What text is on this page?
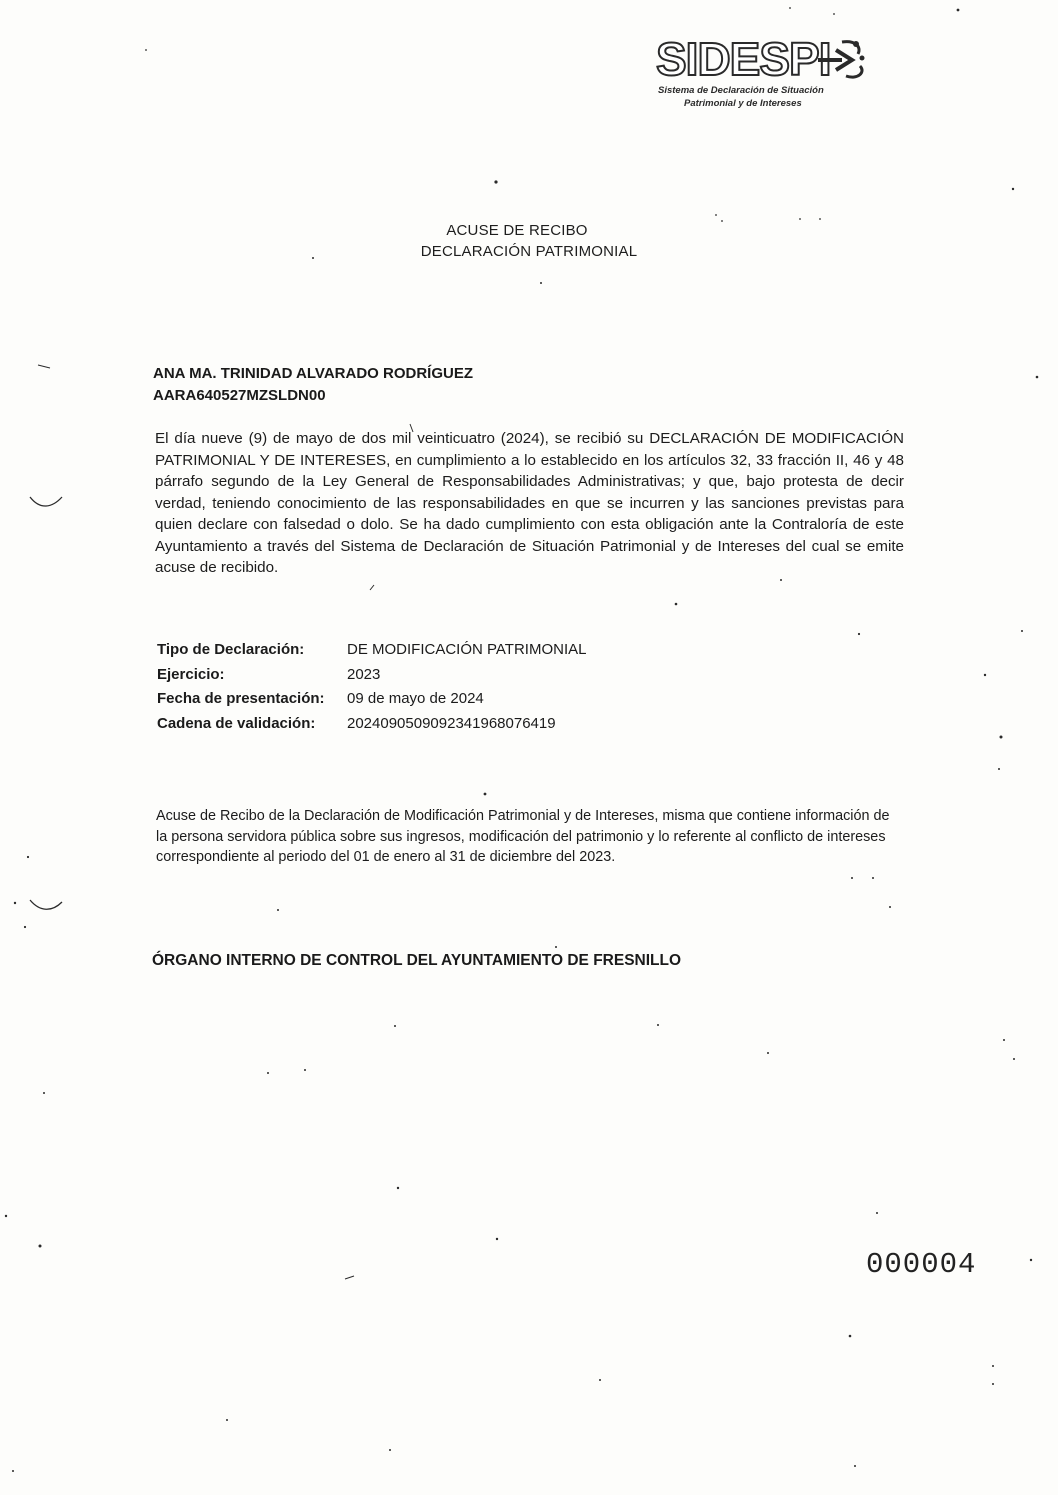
SIDESPI
Sistema de Declaración de Situación
Patrimonial y de Intereses
ACUSE DE RECIBO
DECLARACIÓN PATRIMONIAL
ANA MA. TRINIDAD ALVARADO RODRÍGUEZ
AARA640527MZSLDN00
El día nueve (9) de mayo de dos mil veinticuatro (2024), se recibió su DECLARACIÓN DE MODIFICACIÓN PATRIMONIAL Y DE INTERESES, en cumplimiento a lo establecido en los artículos 32, 33 fracción II, 46 y 48 párrafo segundo de la Ley General de Responsabilidades Administrativas; y que, bajo protesta de decir verdad, teniendo conocimiento de las responsabilidades en que se incurren y las sanciones previstas para quien declare con falsedad o dolo. Se ha dado cumplimiento con esta obligación ante la Contraloría de este Ayuntamiento a través del Sistema de Declaración de Situación Patrimonial y de Intereses del cual se emite acuse de recibido.
Tipo de Declaración:	DE MODIFICACIÓN PATRIMONIAL
Ejercicio:	2023
Fecha de presentación: 09 de mayo de 2024
Cadena de validación: 20240905090923419680764​19
Acuse de Recibo de la Declaración de Modificación Patrimonial y de Intereses, misma que contiene información de la persona servidora pública sobre sus ingresos, modificación del patrimonio y lo referente al conflicto de intereses correspondiente al periodo del 01 de enero al 31 de diciembre del 2023.
ÓRGANO INTERNO DE CONTROL DEL AYUNTAMIENTO DE FRESNILLO
000004
